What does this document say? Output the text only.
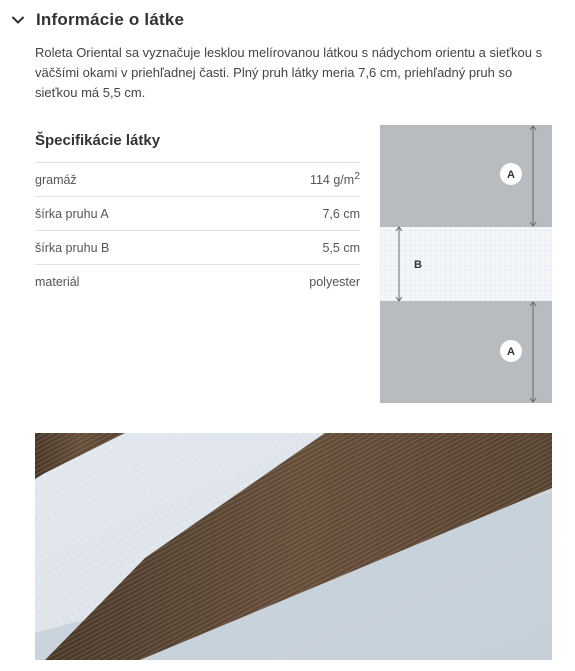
Informácie o látke

Roleta Oriental sa vyznačuje lesklou melírovanou látkou s nádychom orientu a sieťkou s väčšími okami v priehľadnej časti. Plný pruh látky meria 7,6 cm, priehľadný pruh so sieťkou má 5,5 cm.

Špecifikácie látky
gramáž	114 $g/m^2$
šírka pruhu A	7,6 cm
šírka pruhu B	5,5 cm
materiál	polyester
A
B
A
